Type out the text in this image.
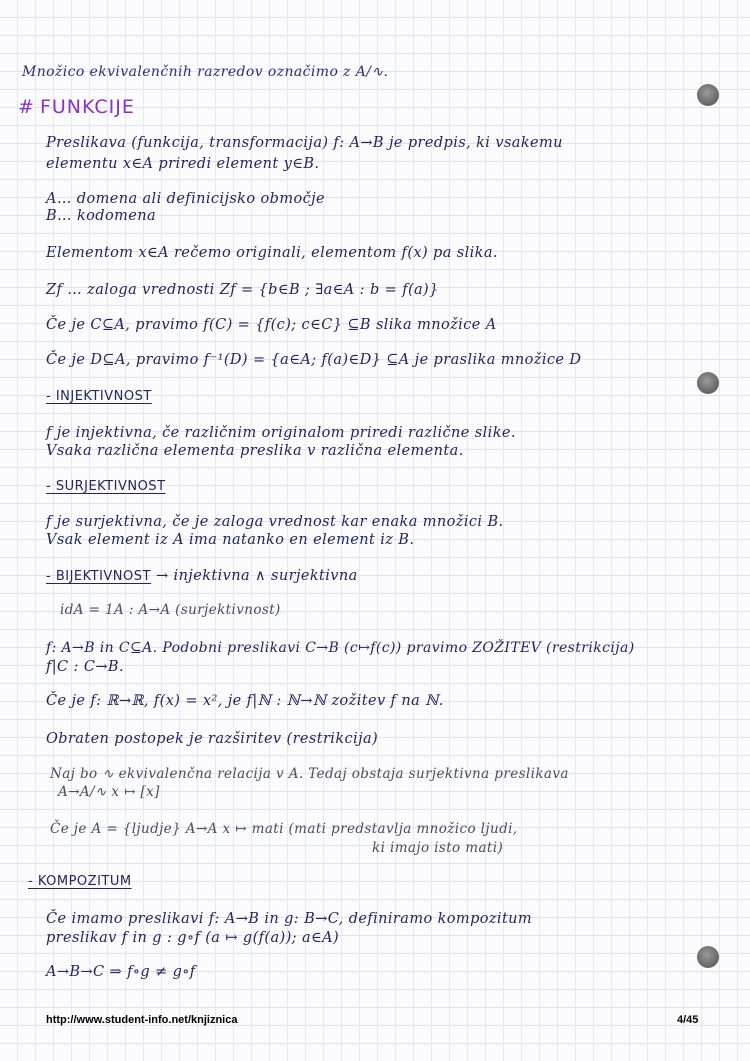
Množico ekvivalenčnih razredov označimo z A/∿.
# FUNKCIJE
Preslikava (funkcija, transformacija) f: A→B je predpis, ki vsakemu
elementu x∈A priredi element y∈B.
A… domena ali definicijsko območje
B… kodomena
Elementom x∈A rečemo originali, elementom f(x) pa slika.
Zf … zaloga vrednosti Zf = {b∈B ; ∃a∈A : b = f(a)}
Če je C⊆A, pravimo f(C) = {f(c); c∈C} ⊆B slika množice A
Če je D⊆A, pravimo f⁻¹(D) = {a∈A; f(a)∈D} ⊆A je praslika množice D
- INJEKTIVNOST
f je injektivna, če različnim originalom priredi različne slike.
Vsaka različna elementa preslika v različna elementa.
- SURJEKTIVNOST
f je surjektivna, če je zaloga vrednost kar enaka množici B.
Vsak element iz A ima natanko en element iz B.
- BIJEKTIVNOST → injektivna ∧ surjektivna
idA = 1A : A→A (surjektivnost)
f: A→B in C⊆A. Podobni preslikavi C→B (c↦f(c)) pravimo ZOŽITEV (restrikcija)
f|C : C→B.
Če je f: ℝ→ℝ, f(x) = x², je f|ℕ : ℕ→ℕ zožitev f na ℕ.
Obraten postopek je razširitev (restrikcija)
Naj bo ∿ ekvivalenčna relacija v A. Tedaj obstaja surjektivna preslikava
A→A/∿ x ↦ [x]
Če je A = {ljudje} A→A x ↦ mati (mati predstavlja množico ljudi,
ki imajo isto mati)
- KOMPOZITUM
Če imamo preslikavi f: A→B in g: B→C, definiramo kompozitum
preslikav f in g : g∘f (a ↦ g(f(a)); a∈A)
A→B→C ⇒ f∘g ≠ g∘f
http://www.student-info.net/knjiznica	4/45
